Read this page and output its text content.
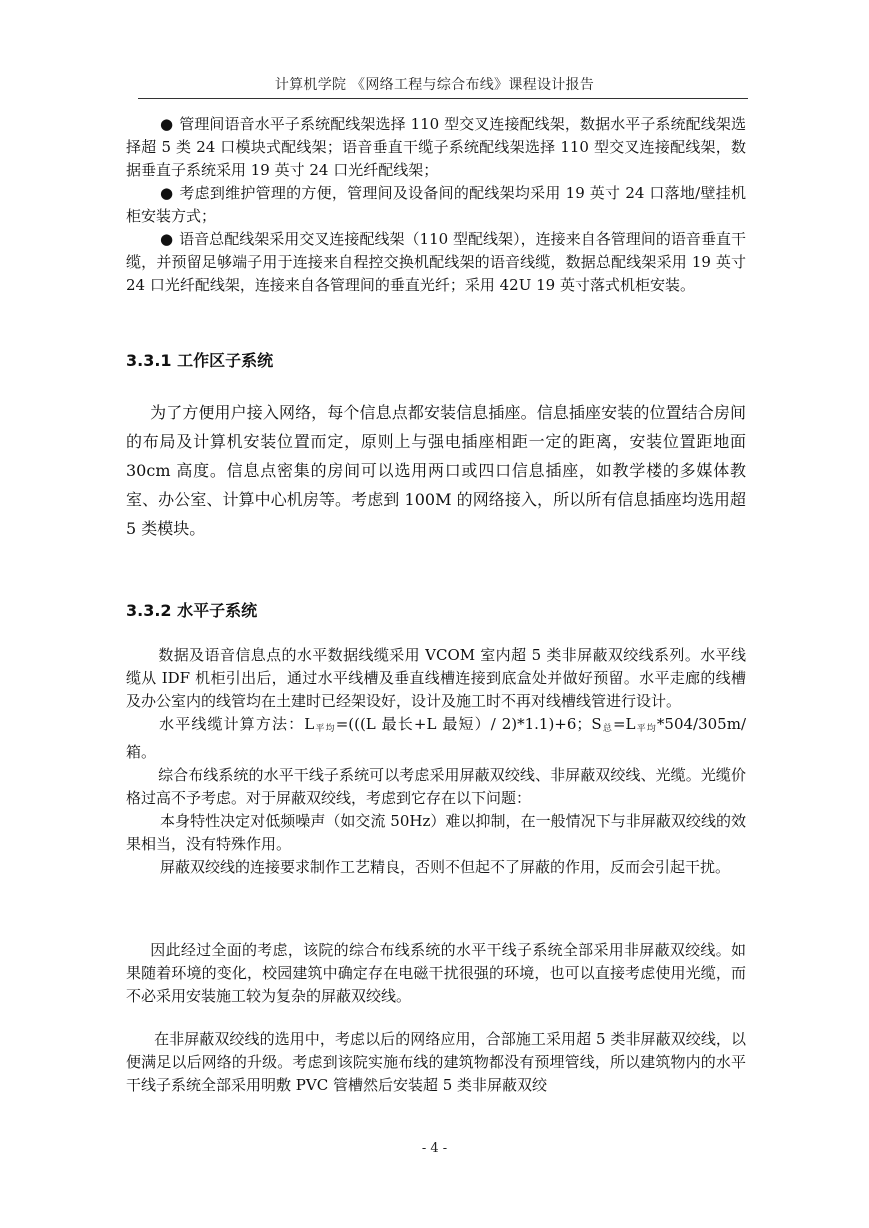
计算机学院 《网络工程与综合布线》课程设计报告

● 管理间语音水平子系统配线架选择 110 型交叉连接配线架，数据水平子系统配线架选择超 5 类 24 口模块式配线架；语音垂直干缆子系统配线架选择 110 型交叉连接配线架，数据垂直子系统采用 19 英寸 24 口光纤配线架；

● 考虑到维护管理的方便，管理间及设备间的配线架均采用 19 英寸 24 口落地/壁挂机柜安装方式；

● 语音总配线架采用交叉连接配线架（110 型配线架），连接来自各管理间的语音垂直干缆，并预留足够端子用于连接来自程控交换机配线架的语音线缆，数据总配线架采用 19 英寸 24 口光纤配线架，连接来自各管理间的垂直光纤；采用 42U 19 英寸落式机柜安装。

3.3.1 工作区子系统

为了方便用户接入网络，每个信息点都安装信息插座。信息插座安装的位置结合房间的布局及计算机安装位置而定，原则上与强电插座相距一定的距离，安装位置距地面 30cm 高度。信息点密集的房间可以选用两口或四口信息插座，如教学楼的多媒体教室、办公室、计算中心机房等。考虑到 100M 的网络接入，所以所有信息插座均选用超 5 类模块。

3.3.2 水平子系统

数据及语音信息点的水平数据线缆采用 VCOM 室内超 5 类非屏蔽双绞线系列。水平线缆从 IDF 机柜引出后，通过水平线槽及垂直线槽连接到底盒处并做好预留。水平走廊的线槽及办公室内的线管均在土建时已经架设好，设计及施工时不再对线槽线管进行设计。

水平线缆计算方法：$L_{平均}=(((L$ 最长+L 最短）/ 2)*1.1)+6；$S_总=L_{平均}*504/305m/$箱。

综合布线系统的水平干线子系统可以考虑采用屏蔽双绞线、非屏蔽双绞线、光缆。光缆价格过高不予考虑。对于屏蔽双绞线，考虑到它存在以下问题：

本身特性决定对低频噪声（如交流 50Hz）难以抑制，在一般情况下与非屏蔽双绞线的效果相当，没有特殊作用。

屏蔽双绞线的连接要求制作工艺精良，否则不但起不了屏蔽的作用，反而会引起干扰。

因此经过全面的考虑，该院的综合布线系统的水平干线子系统全部采用非屏蔽双绞线。如果随着环境的变化，校园建筑中确定存在电磁干扰很强的环境，也可以直接考虑使用光缆，而不必采用安装施工较为复杂的屏蔽双绞线。

在非屏蔽双绞线的选用中，考虑以后的网络应用，合部施工采用超 5 类非屏蔽双绞线，以便满足以后网络的升级。考虑到该院实施布线的建筑物都没有预埋管线，所以建筑物内的水平干线子系统全部采用明敷 PVC 管槽然后安装超 5 类非屏蔽双绞

- 4 -
